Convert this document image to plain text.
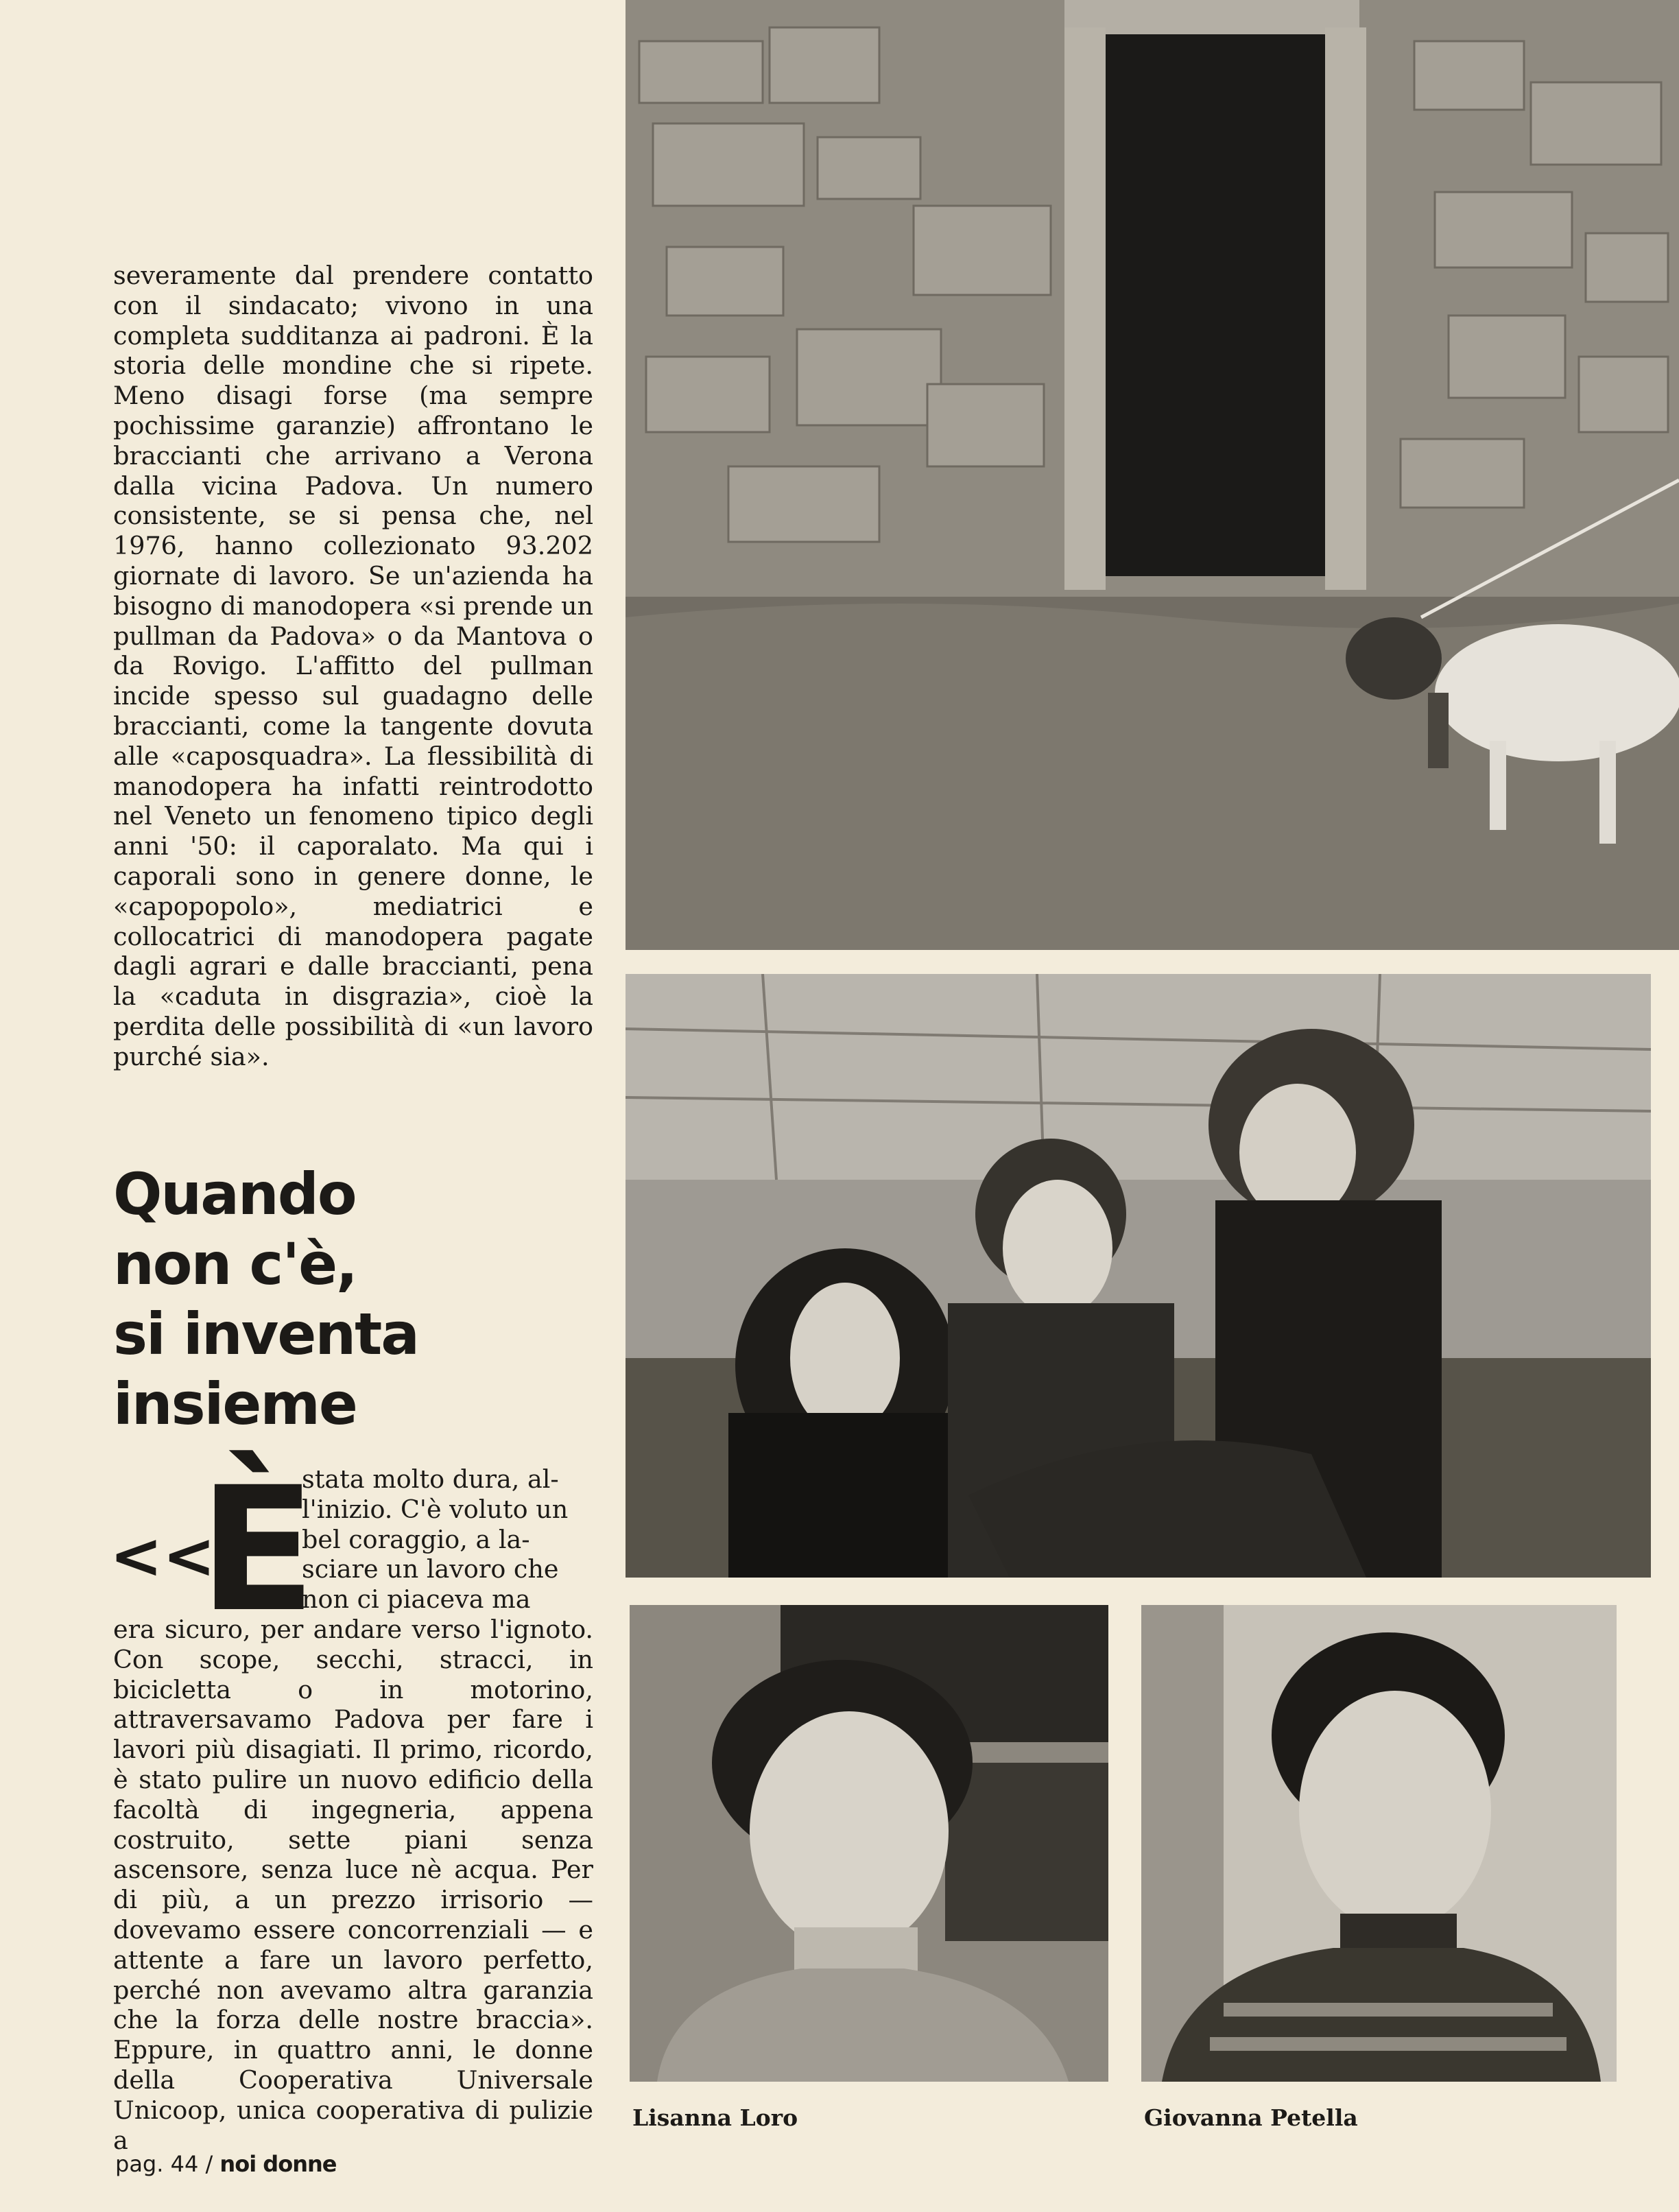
severamente dal prendere contatto con il sindacato; vivono in una completa sudditanza ai padroni. È la storia delle mondine che si ripete. Meno disagi forse (ma sempre pochissime garanzie) affrontano le braccianti che arrivano a Verona dalla vicina Padova. Un numero consistente, se si pensa che, nel 1976, hanno collezionato 93.202 giornate di lavoro. Se un'azienda ha bisogno di manodopera «si prende un pullman da Padova» o da Mantova o da Rovigo. L'affitto del pullman incide spesso sul guadagno delle braccianti, come la tangente dovuta alle «caposquadra». La flessibilità di manodopera ha infatti reintrodotto nel Veneto un fenomeno tipico degli anni '50: il caporalato. Ma qui i caporali sono in genere donne, le «capopopolo», mediatrici e collocatrici di manodopera pagate dagli agrari e dalle braccianti, pena la «caduta in disgrazia», cioè la perdita delle possibilità di «un lavoro purché sia».

Quando
non c'è,
si inventa
insieme
<<
È

stata molto dura, al-

l'inizio. C'è voluto un

bel coraggio, a la-

sciare un lavoro che

non ci piaceva ma

era sicuro, per andare verso l'ignoto. Con scope, secchi, stracci, in bicicletta o in motorino, attraversavamo Padova per fare i lavori più disagiati. Il primo, ricordo, è stato pulire un nuovo edificio della facoltà di ingegneria, appena costruito, sette piani senza ascensore, senza luce nè acqua. Per di più, a un prezzo irrisorio — dovevamo essere concorrenziali — e attente a fare un lavoro perfetto, perché non avevamo altra garanzia che la forza delle nostre braccia». Eppure, in quattro anni, le donne della Cooperativa Universale Unicoop, unica cooperativa di pulizie a

Lisanna Loro	Giovanna Petella
pag. 44 / noi donne
